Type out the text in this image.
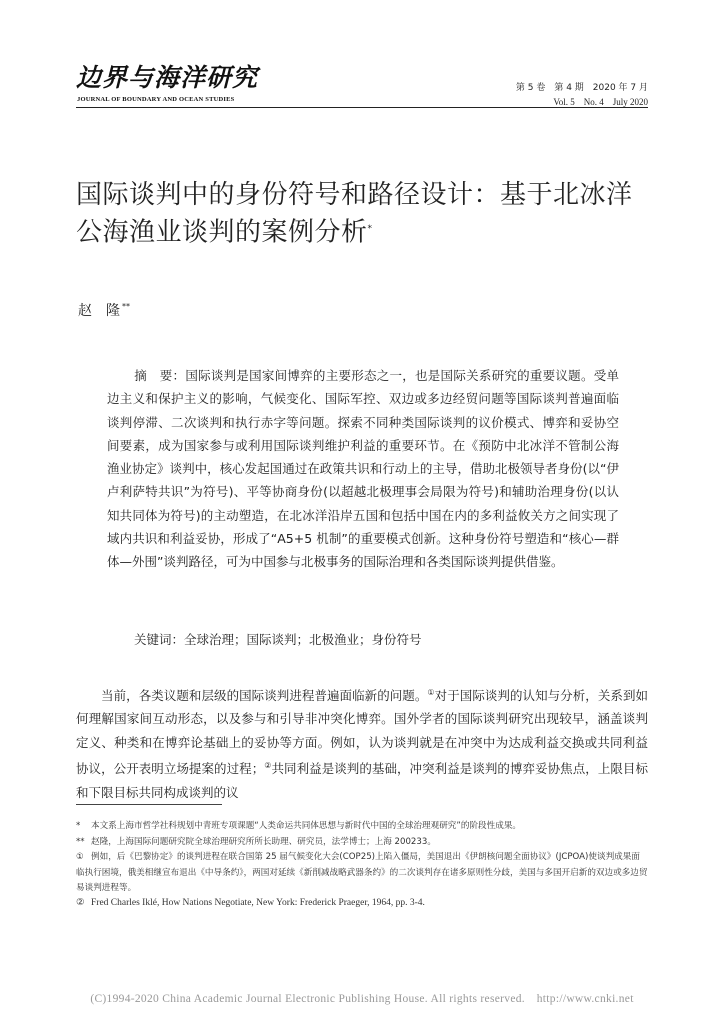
边界与海洋研究
JOURNAL OF BOUNDARY AND OCEAN STUDIES
第 5 卷　第 4 期　2020 年 7 月
Vol. 5　No. 4　July 2020
国际谈判中的身份符号和路径设计：基于北冰洋公海渔业谈判的案例分析*
赵　隆 **
摘　要：国际谈判是国家间博弈的主要形态之一，也是国际关系研究的重要议题。受单边主义和保护主义的影响，气候变化、国际军控、双边或多边经贸问题等国际谈判普遍面临谈判停滞、二次谈判和执行赤字等问题。探索不同种类国际谈判的议价模式、博弈和妥协空间要素，成为国家参与或利用国际谈判维护利益的重要环节。在《预防中北冰洋不管制公海渔业协定》谈判中，核心发起国通过在政策共识和行动上的主导，借助北极领导者身份(以“伊卢利萨特共识”为符号)、平等协商身份(以超越北极理事会局限为符号)和辅助治理身份(以认知共同体为符号)的主动塑造，在北冰洋沿岸五国和包括中国在内的多利益攸关方之间实现了域内共识和利益妥协，形成了“A5+5 机制”的重要模式创新。这种身份符号塑造和“核心—群体—外围”谈判路径，可为中国参与北极事务的国际治理和各类国际谈判提供借鉴。
关键词：全球治理；国际谈判；北极渔业；身份符号
当前，各类议题和层级的国际谈判进程普遍面临新的问题。①对于国际谈判的认知与分析，关系到如何理解国家间互动形态，以及参与和引导非冲突化博弈。国外学者的国际谈判研究出现较早，涵盖谈判定义、种类和在博弈论基础上的妥协等方面。例如，认为谈判就是在冲突中为达成利益交换或共同利益协议，公开表明立场提案的过程；②共同利益是谈判的基础，冲突利益是谈判的博弈妥协焦点，上限目标和下限目标共同构成谈判的议
* 本文系上海市哲学社科规划中青班专项课题“人类命运共同体思想与新时代中国的全球治理观研究”的阶段性成果。
** 赵隆，上海国际问题研究院全球治理研究所所长助理、研究员，法学博士；上海 200233。
① 例如，后《巴黎协定》的谈判进程在联合国第 25 届气候变化大会(COP25)上陷入僵局，美国退出《伊朗核问题全面协议》(JCPOA)使谈判成果面临执行困境，俄美相继宣布退出《中导条约》，两国对延续《新削减战略武器条约》的二次谈判存在诸多原则性分歧，美国与多国开启新的双边或多边贸易谈判进程等。
② Fred Charles Iklé, How Nations Negotiate, New York: Frederick Praeger, 1964, pp. 3-4.
(C)1994-2020 China Academic Journal Electronic Publishing House. All rights reserved.　http://www.cnki.net
